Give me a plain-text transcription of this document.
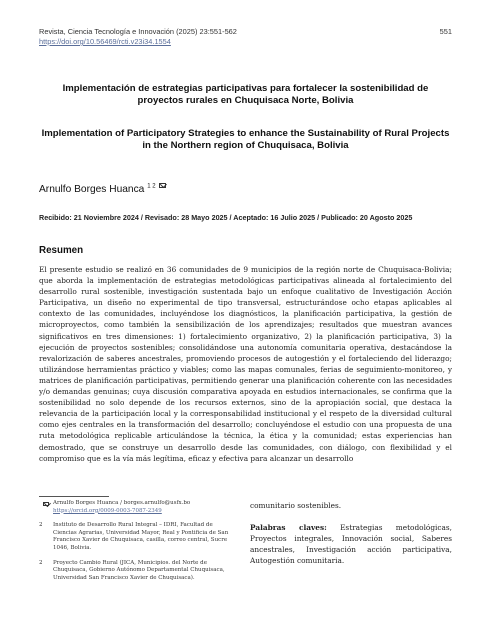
Revista, Ciencia Tecnología e Innovación (2025) 23:551-562
https://doi.org/10.56469/rcti.v23i34.1554
551
Implementación de estrategias participativas para fortalecer la sostenibilidad de proyectos rurales en Chuquisaca Norte, Bolivia
Implementation of Participatory Strategies to enhance the Sustainability of Rural Projects in the Northern region of Chuquisaca, Bolivia
Arnulfo Borges Huanca $^{1 2}$
Recibido: 21 Noviembre 2024 / Revisado: 28 Mayo 2025 / Aceptado: 16 Julio 2025 / Publicado: 20 Agosto 2025
Resumen
El presente estudio se realizó en 36 comunidades de 9 municipios de la región norte de Chuquisaca-Bolivia; que aborda la implementación de estrategias metodológicas participativas alineada al fortalecimiento del desarrollo rural sostenible, investigación sustentada bajo un enfoque cualitativo de Investigación Acción Participativa, un diseño no experimental de tipo transversal, estructurándose ocho etapas aplicables al contexto de las comunidades, incluyéndose los diagnósticos, la planificación participativa, la gestión de microproyectos, como también la sensibilización de los aprendizajes; resultados que muestran avances significativos en tres dimensiones: 1) fortalecimiento organizativo, 2) la planificación participativa, 3) la ejecución de proyectos sostenibles; consolidándose una autonomía comunitaria operativa, destacándose la revalorización de saberes ancestrales, promoviendo procesos de autogestión y el fortaleciendo del liderazgo; utilizándose herramientas práctico y viables; como las mapas comunales, ferias de seguimiento-monitoreo, y matrices de planificación participativas, permitiendo generar una planificación coherente con las necesidades y/o demandas genuinas; cuya discusión comparativa apoyada en estudios internacionales, se confirma que la sostenibilidad no solo depende de los recursos externos, sino de la apropiación social, que destaca la relevancia de la participación local y la corresponsabilidad institucional y el respeto de la diversidad cultural como ejes centrales en la transformación del desarrollo; concluyéndose el estudio con una propuesta de una ruta metodológica replicable articulándose la técnica, la ética y la comunidad; estas experiencias han demostrado, que se construye un desarrollo desde las comunidades, con diálogo, con flexibilidad y el compromiso que es la vía más legítima, eficaz y efectiva para alcanzar un desarrollo
Arnulfo Borges Huanca / borges.arnulfo@usfx.bo
https://orcid.org/0009-0003-7087-2349
2 Instituto de Desarrollo Rural Integral – IDRI, Facultad de Ciencias Agrarias, Universidad Mayor, Real y Pontificia de San Francisco Xavier de Chuquisaca, casilla, correo central, Sucre 1046, Bolivia.
2 Proyecto Cambio Rural (JICA, Municipios. del Norte de Chuquisaca, Gobierno Autónomo Departamental Chuquisaca, Universidad San Francisco Xavier de Chuquisaca).
comunitario sostenibles.
Palabras claves: Estrategias metodológicas, Proyectos integrales, Innovación social, Saberes ancestrales, Investigación acción participativa, Autogestión comunitaria.
